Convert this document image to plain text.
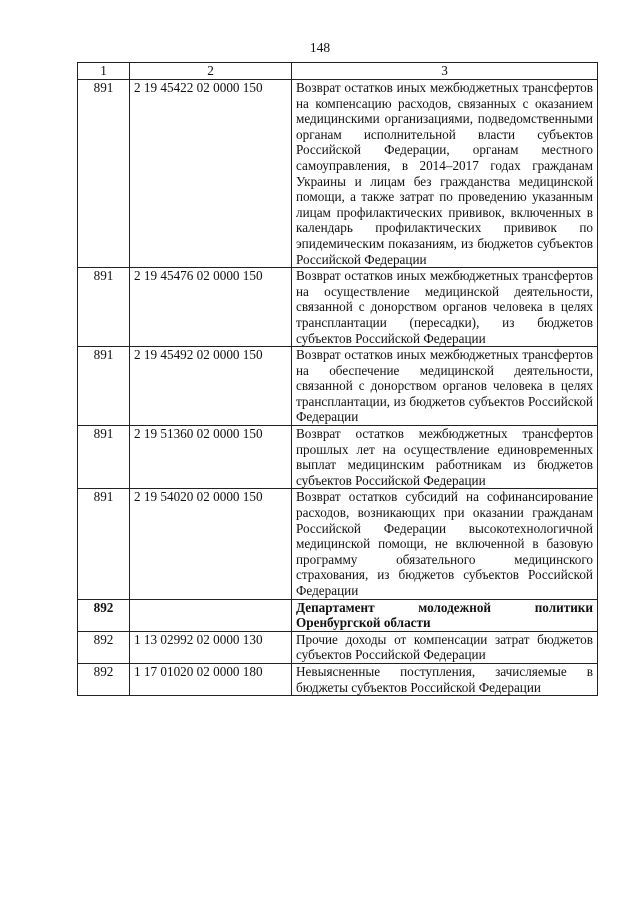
148
1	2	3
891	2 19 45422 02 0000 150	Возврат остатков иных межбюджетных трансфертов на компенсацию расходов, связанных с оказанием медицинскими организациями, подведомственными органам исполнительной власти субъектов Российской Федерации, органам местного самоуправления, в 2014–2017 годах гражданам Украины и лицам без гражданства медицинской помощи, а также затрат по проведению указанным лицам профилактических прививок, включенных в календарь профилактических прививок по эпидемическим показаниям, из бюджетов субъектов Российской Федерации
891	2 19 45476 02 0000 150	Возврат остатков иных межбюджетных трансфертов на осуществление медицинской деятельности, связанной с донорством органов человека в целях трансплантации (пересадки), из бюджетов субъектов Российской Федерации
891	2 19 45492 02 0000 150	Возврат остатков иных межбюджетных трансфертов на обеспечение медицинской деятельности, связанной с донорством органов человека в целях трансплантации, из бюджетов субъектов Российской Федерации
891	2 19 51360 02 0000 150	Возврат остатков межбюджетных трансфертов прошлых лет на осуществление единовременных выплат медицинским работникам из бюджетов субъектов Российской Федерации
891	2 19 54020 02 0000 150	Возврат остатков субсидий на софинансирование расходов, возникающих при оказании гражданам Российской Федерации высокотехнологичной медицинской помощи, не включенной в базовую программу обязательного медицинского страхования, из бюджетов субъектов Российской Федерации
892		Департамент молодежной политики Оренбургской области
892	1 13 02992 02 0000 130	Прочие доходы от компенсации затрат бюджетов субъектов Российской Федерации
892	1 17 01020 02 0000 180	Невыясненные поступления, зачисляемые в бюджеты субъектов Российской Федерации
